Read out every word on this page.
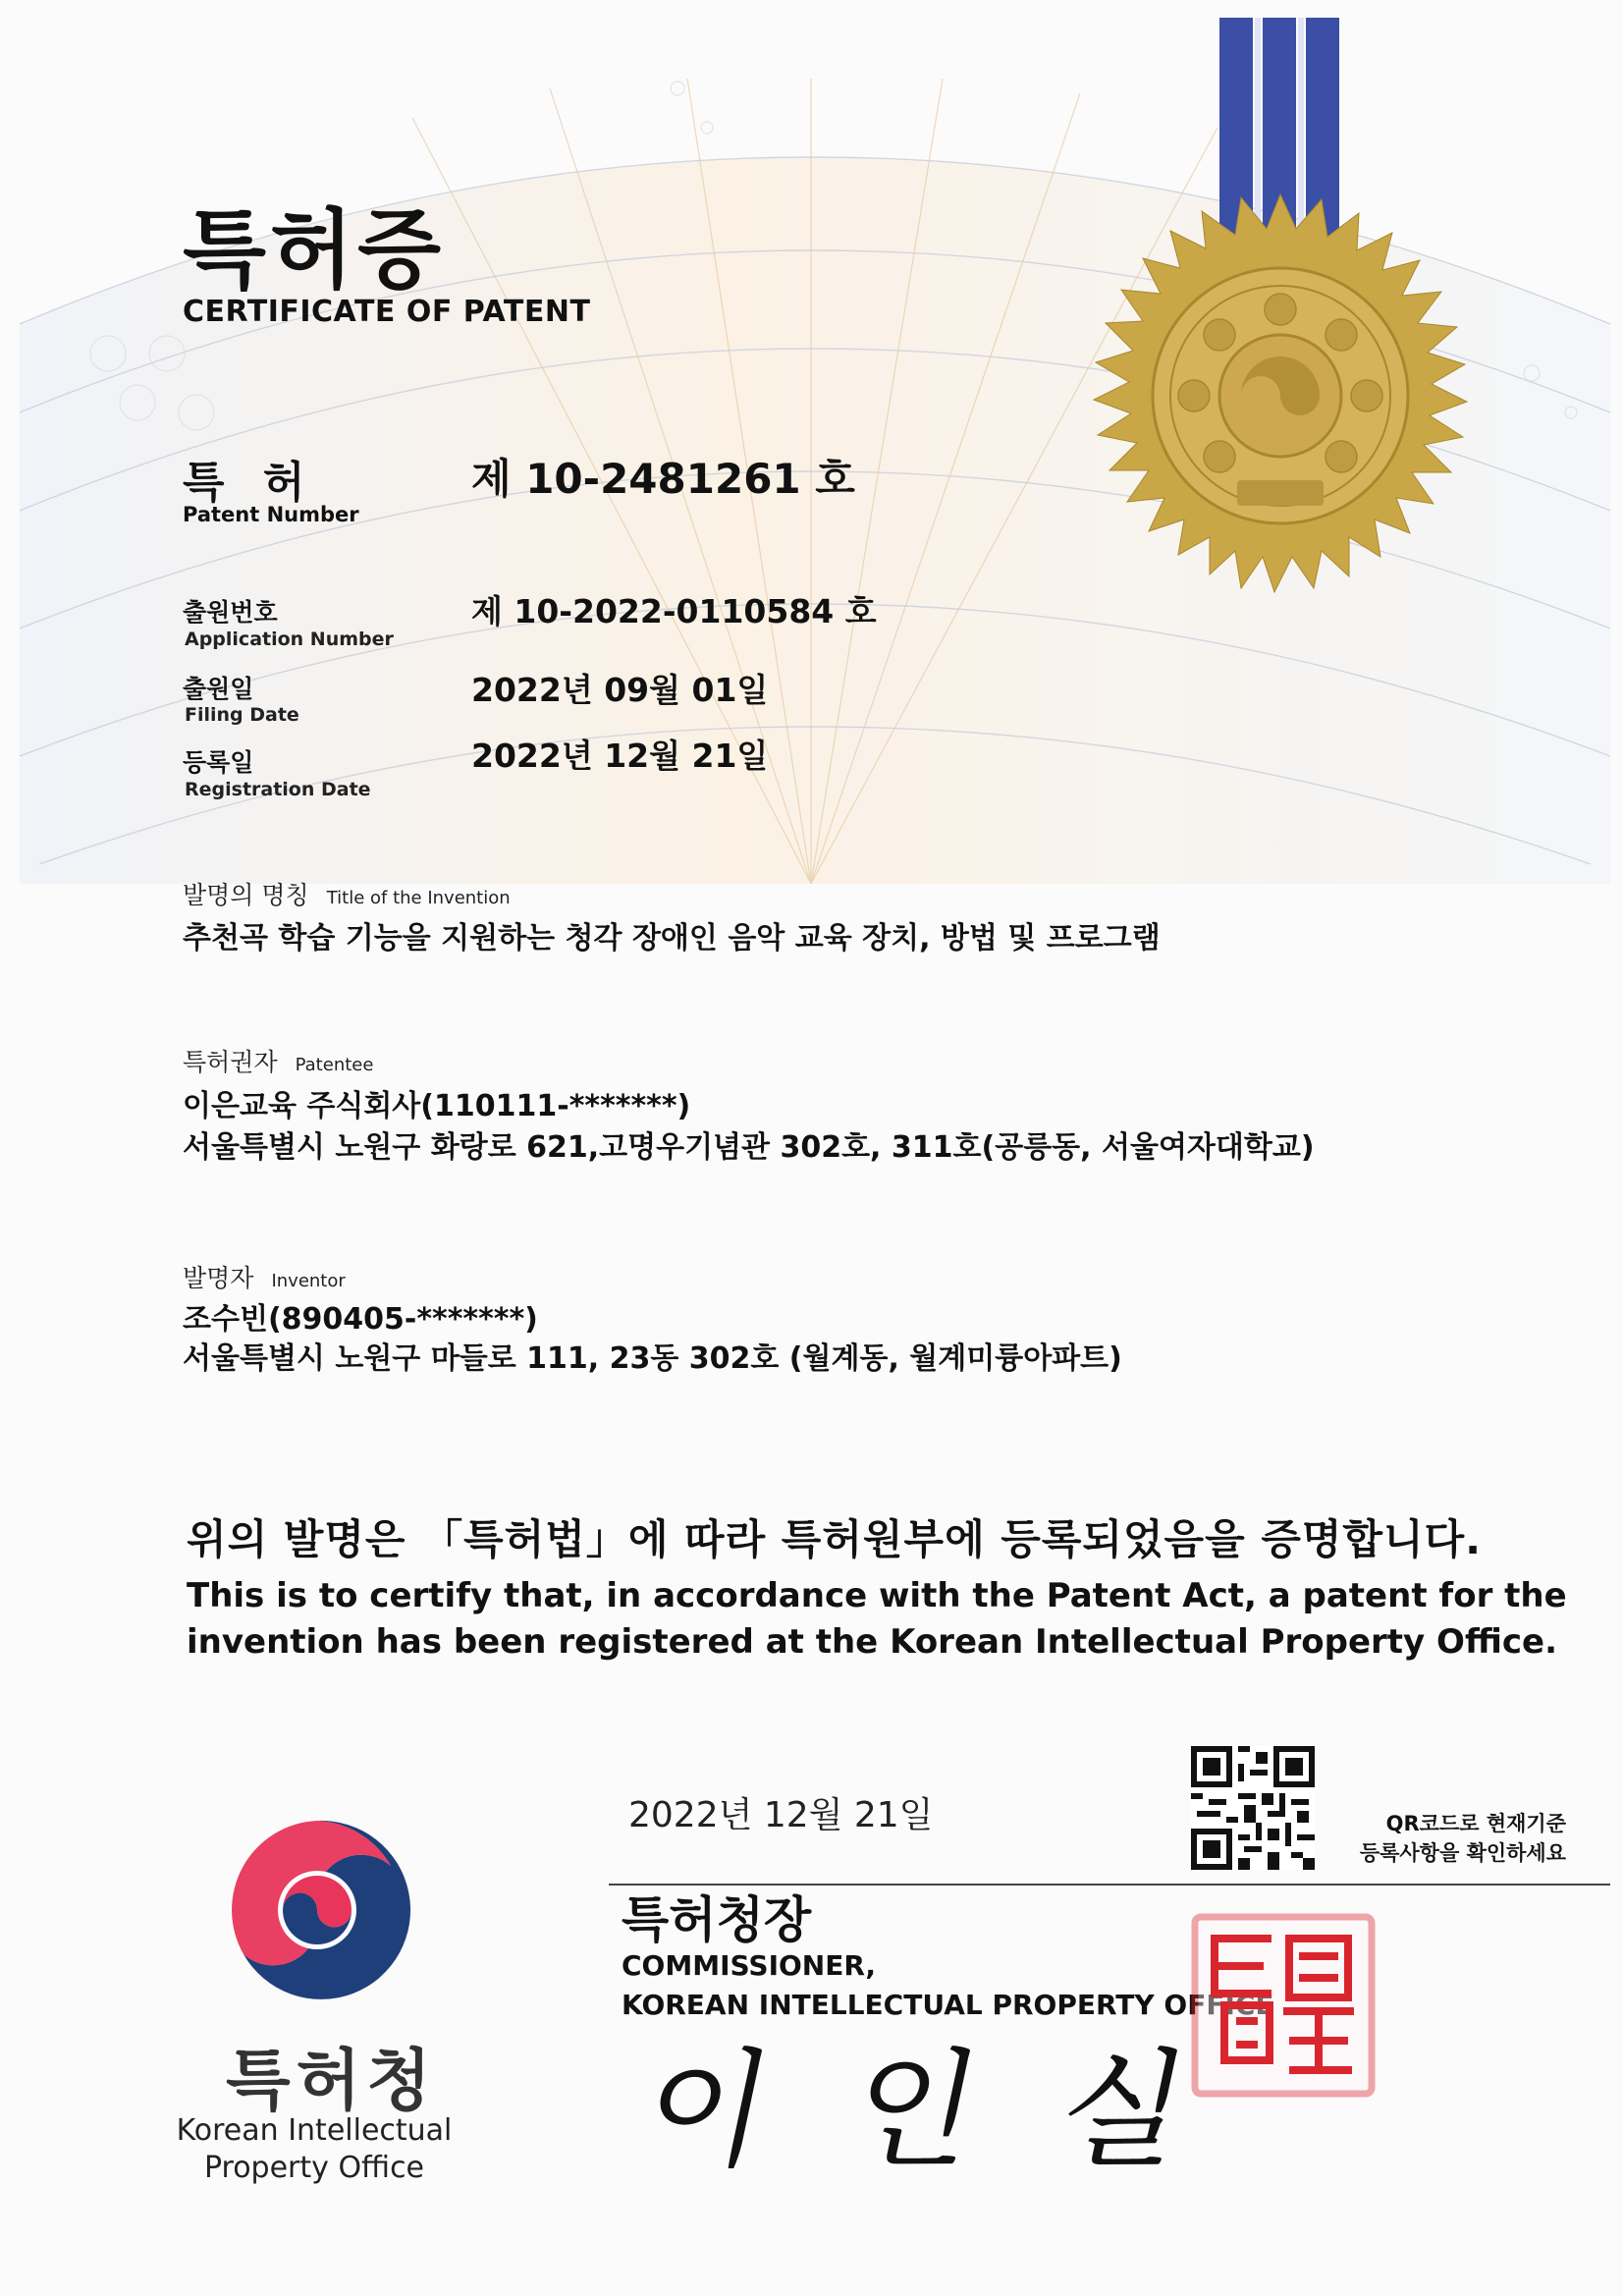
특허증
CERTIFICATE OF PATENT
특 허
Patent Number
제 10-2481261 호
출원번호
Application Number
제 10-2022-0110584 호
출원일
Filing Date
2022년 09월 01일
등록일
Registration Date
2022년 12월 21일
발명의 명칭 Title of the Invention
추천곡 학습 기능을 지원하는 청각 장애인 음악 교육 장치, 방법 및 프로그램
특허권자 Patentee
이은교육 주식회사(110111-*******)
서울특별시 노원구 화랑로 621,고명우기념관 302호, 311호(공릉동, 서울여자대학교)
발명자 Inventor
조수빈(890405-*******)
서울특별시 노원구 마들로 111, 23동 302호 (월계동, 월계미륭아파트)
위의 발명은 「특허법」에 따라 특허원부에 등록되었음을 증명합니다.
This is to certify that, in accordance with the Patent Act, a patent for the
invention has been registered at the Korean Intellectual Property Office.
2022년 12월 21일	QR코드로 현재기준
등록사항을 확인하세요
특허청장
COMMISSIONER,
KOREAN INTELLECTUAL PROPERTY OFFICE
이인실
특허청
Korean Intellectual
Property Office
